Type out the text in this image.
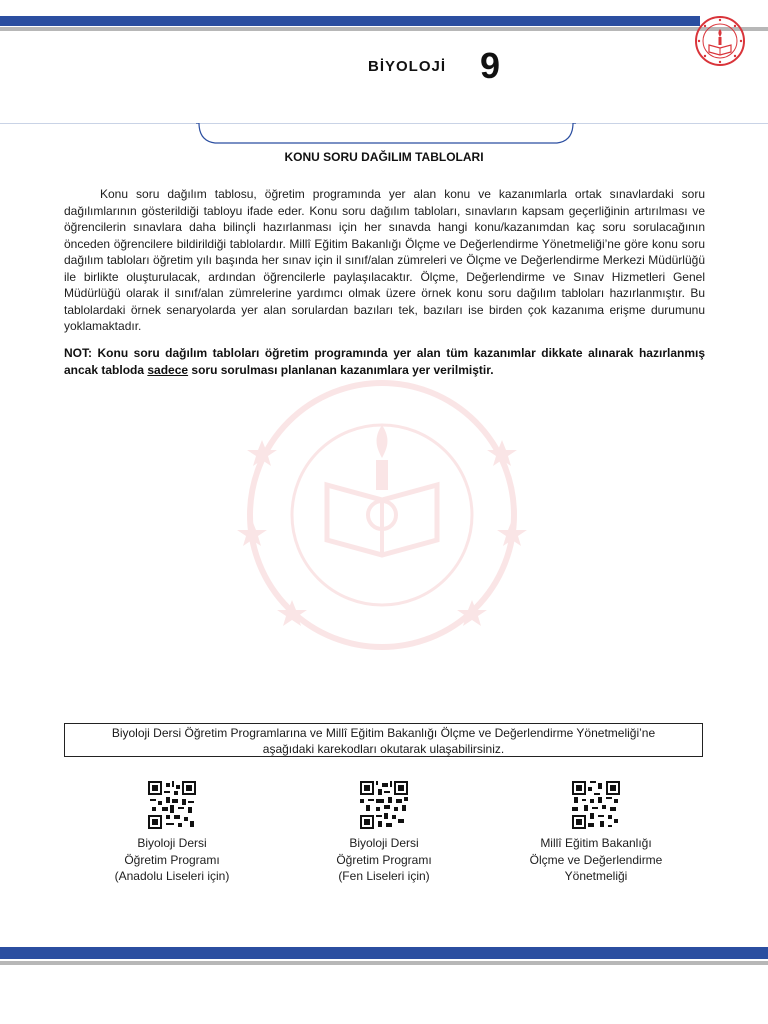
BİYOLOJİ 9
KONU SORU DAĞILIM TABLOLARI

Konu soru dağılım tablosu, öğretim programında yer alan konu ve kazanımlarla ortak sınavlardaki soru dağılımlarının gösterildiği tabloyu ifade eder. Konu soru dağılım tabloları, sınavların kapsam geçerliğinin artırılması ve öğrencilerin sınavlara daha bilinçli hazırlanması için her sınavda hangi konu/kazanımdan kaç soru sorulacağının önceden öğrencilere bildirildiği tablolardır. Millî Eğitim Bakanlığı Ölçme ve Değerlendirme Yönetmeliği’ne göre konu soru dağılım tabloları öğretim yılı başında her sınav için il sınıf/alan zümreleri ve Ölçme ve Değerlendirme Merkezi Müdürlüğü ile birlikte oluşturulacak, ardından öğrencilerle paylaşılacaktır. Ölçme, Değerlendirme ve Sınav Hizmetleri Genel Müdürlüğü olarak il sınıf/alan zümrelerine yardımcı olmak üzere örnek konu soru dağılım tabloları hazırlanmıştır. Bu tablolardaki örnek senaryolarda yer alan sorulardan bazıları tek, bazıları ise birden çok kazanıma erişme durumunu yoklamaktadır.

NOT: Konu soru dağılım tabloları öğretim programında yer alan tüm kazanımlar dikkate alınarak hazırlanmış ancak tabloda sadece soru sorulması planlanan kazanımlara yer verilmiştir.
Biyoloji Dersi Öğretim Programlarına ve Millî Eğitim Bakanlığı Ölçme ve Değerlendirme Yönetmeliği’ne
aşağıdaki karekodları okutarak ulaşabilirsiniz.
Biyoloji Dersi
Öğretim Programı
(Anadolu Liseleri için)
Biyoloji Dersi
Öğretim Programı
(Fen Liseleri için)
Millî Eğitim Bakanlığı
Ölçme ve Değerlendirme
Yönetmeliği
